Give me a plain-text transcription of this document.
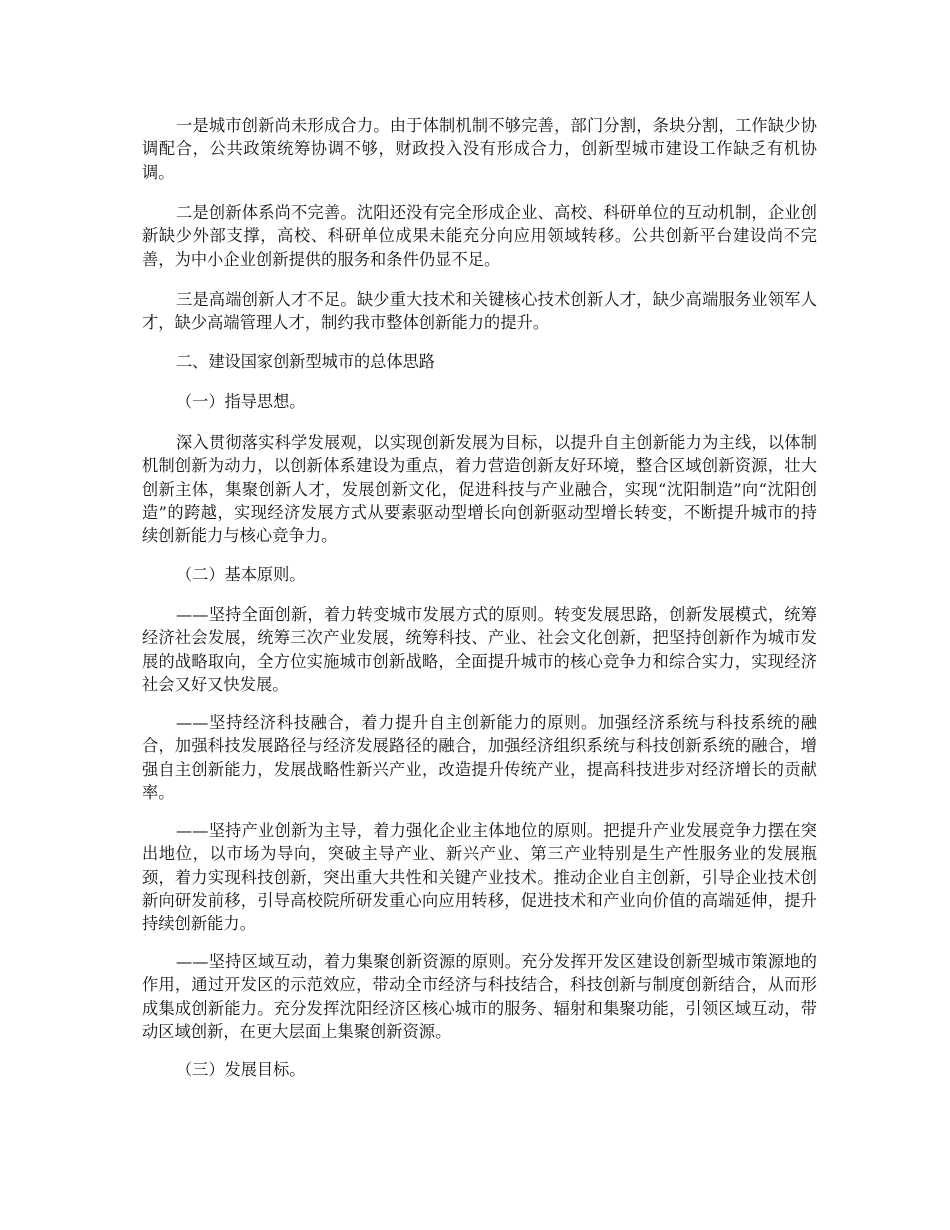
一是城市创新尚未形成合力。由于体制机制不够完善，部门分割，条块分割，工作缺少协调配合，公共政策统筹协调不够，财政投入没有形成合力，创新型城市建设工作缺乏有机协调。

二是创新体系尚不完善。沈阳还没有完全形成企业、高校、科研单位的互动机制，企业创新缺少外部支撑，高校、科研单位成果未能充分向应用领域转移。公共创新平台建设尚不完善，为中小企业创新提供的服务和条件仍显不足。

三是高端创新人才不足。缺少重大技术和关键核心技术创新人才，缺少高端服务业领军人才，缺少高端管理人才，制约我市整体创新能力的提升。

二、建设国家创新型城市的总体思路

（一）指导思想。

深入贯彻落实科学发展观，以实现创新发展为目标，以提升自主创新能力为主线，以体制机制创新为动力，以创新体系建设为重点，着力营造创新友好环境，整合区域创新资源，壮大创新主体，集聚创新人才，发展创新文化，促进科技与产业融合，实现“沈阳制造”向“沈阳创造”的跨越，实现经济发展方式从要素驱动型增长向创新驱动型增长转变，不断提升城市的持续创新能力与核心竞争力。

（二）基本原则。

——坚持全面创新，着力转变城市发展方式的原则。转变发展思路，创新发展模式，统筹经济社会发展，统筹三次产业发展，统筹科技、产业、社会文化创新，把坚持创新作为城市发展的战略取向，全方位实施城市创新战略，全面提升城市的核心竞争力和综合实力，实现经济社会又好又快发展。

——坚持经济科技融合，着力提升自主创新能力的原则。加强经济系统与科技系统的融合，加强科技发展路径与经济发展路径的融合，加强经济组织系统与科技创新系统的融合，增强自主创新能力，发展战略性新兴产业，改造提升传统产业，提高科技进步对经济增长的贡献率。

——坚持产业创新为主导，着力强化企业主体地位的原则。把提升产业发展竞争力摆在突出地位，以市场为导向，突破主导产业、新兴产业、第三产业特别是生产性服务业的发展瓶颈，着力实现科技创新，突出重大共性和关键产业技术。推动企业自主创新，引导企业技术创新向研发前移，引导高校院所研发重心向应用转移，促进技术和产业向价值的高端延伸，提升持续创新能力。

——坚持区域互动，着力集聚创新资源的原则。充分发挥开发区建设创新型城市策源地的作用，通过开发区的示范效应，带动全市经济与科技结合，科技创新与制度创新结合，从而形成集成创新能力。充分发挥沈阳经济区核心城市的服务、辐射和集聚功能，引领区域互动，带动区域创新，在更大层面上集聚创新资源。

（三）发展目标。
